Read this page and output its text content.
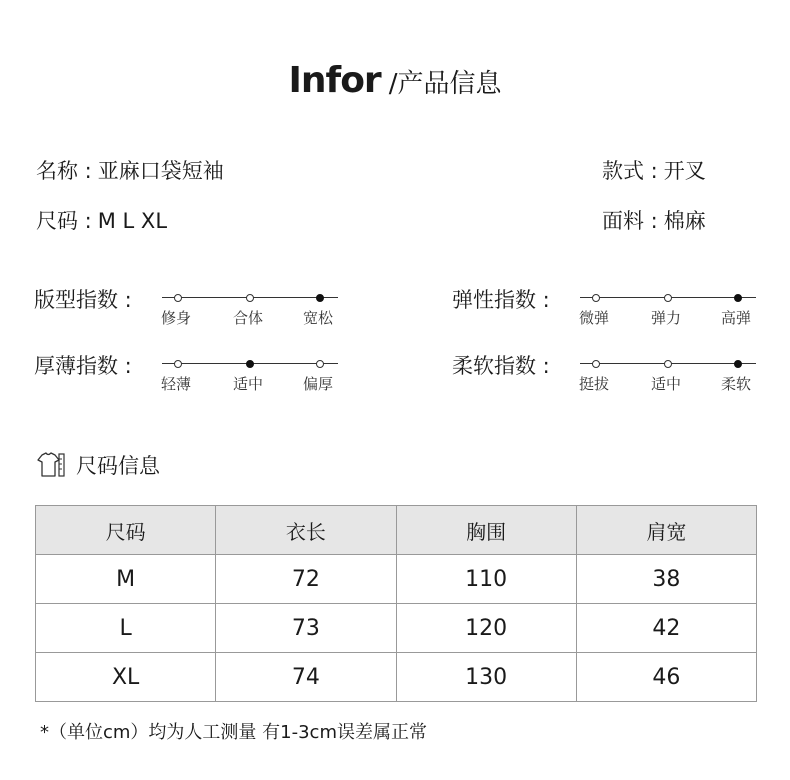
Infor /产品信息
名称 : 亚麻口袋短袖	款式 : 开叉
尺码 : M L XL	面料 : 棉麻
版型指数 :
修身	合体	宽松
弹性指数 :
微弹	弹力	高弹
厚薄指数 :
轻薄	适中	偏厚
柔软指数 :
挺拔	适中	柔软
尺码信息
尺码	衣长	胸围	肩宽
M	72	110	38
L	73	120	42
XL	74	130	46
*（单位cm）均为人工测量 有1-3cm误差属正常
